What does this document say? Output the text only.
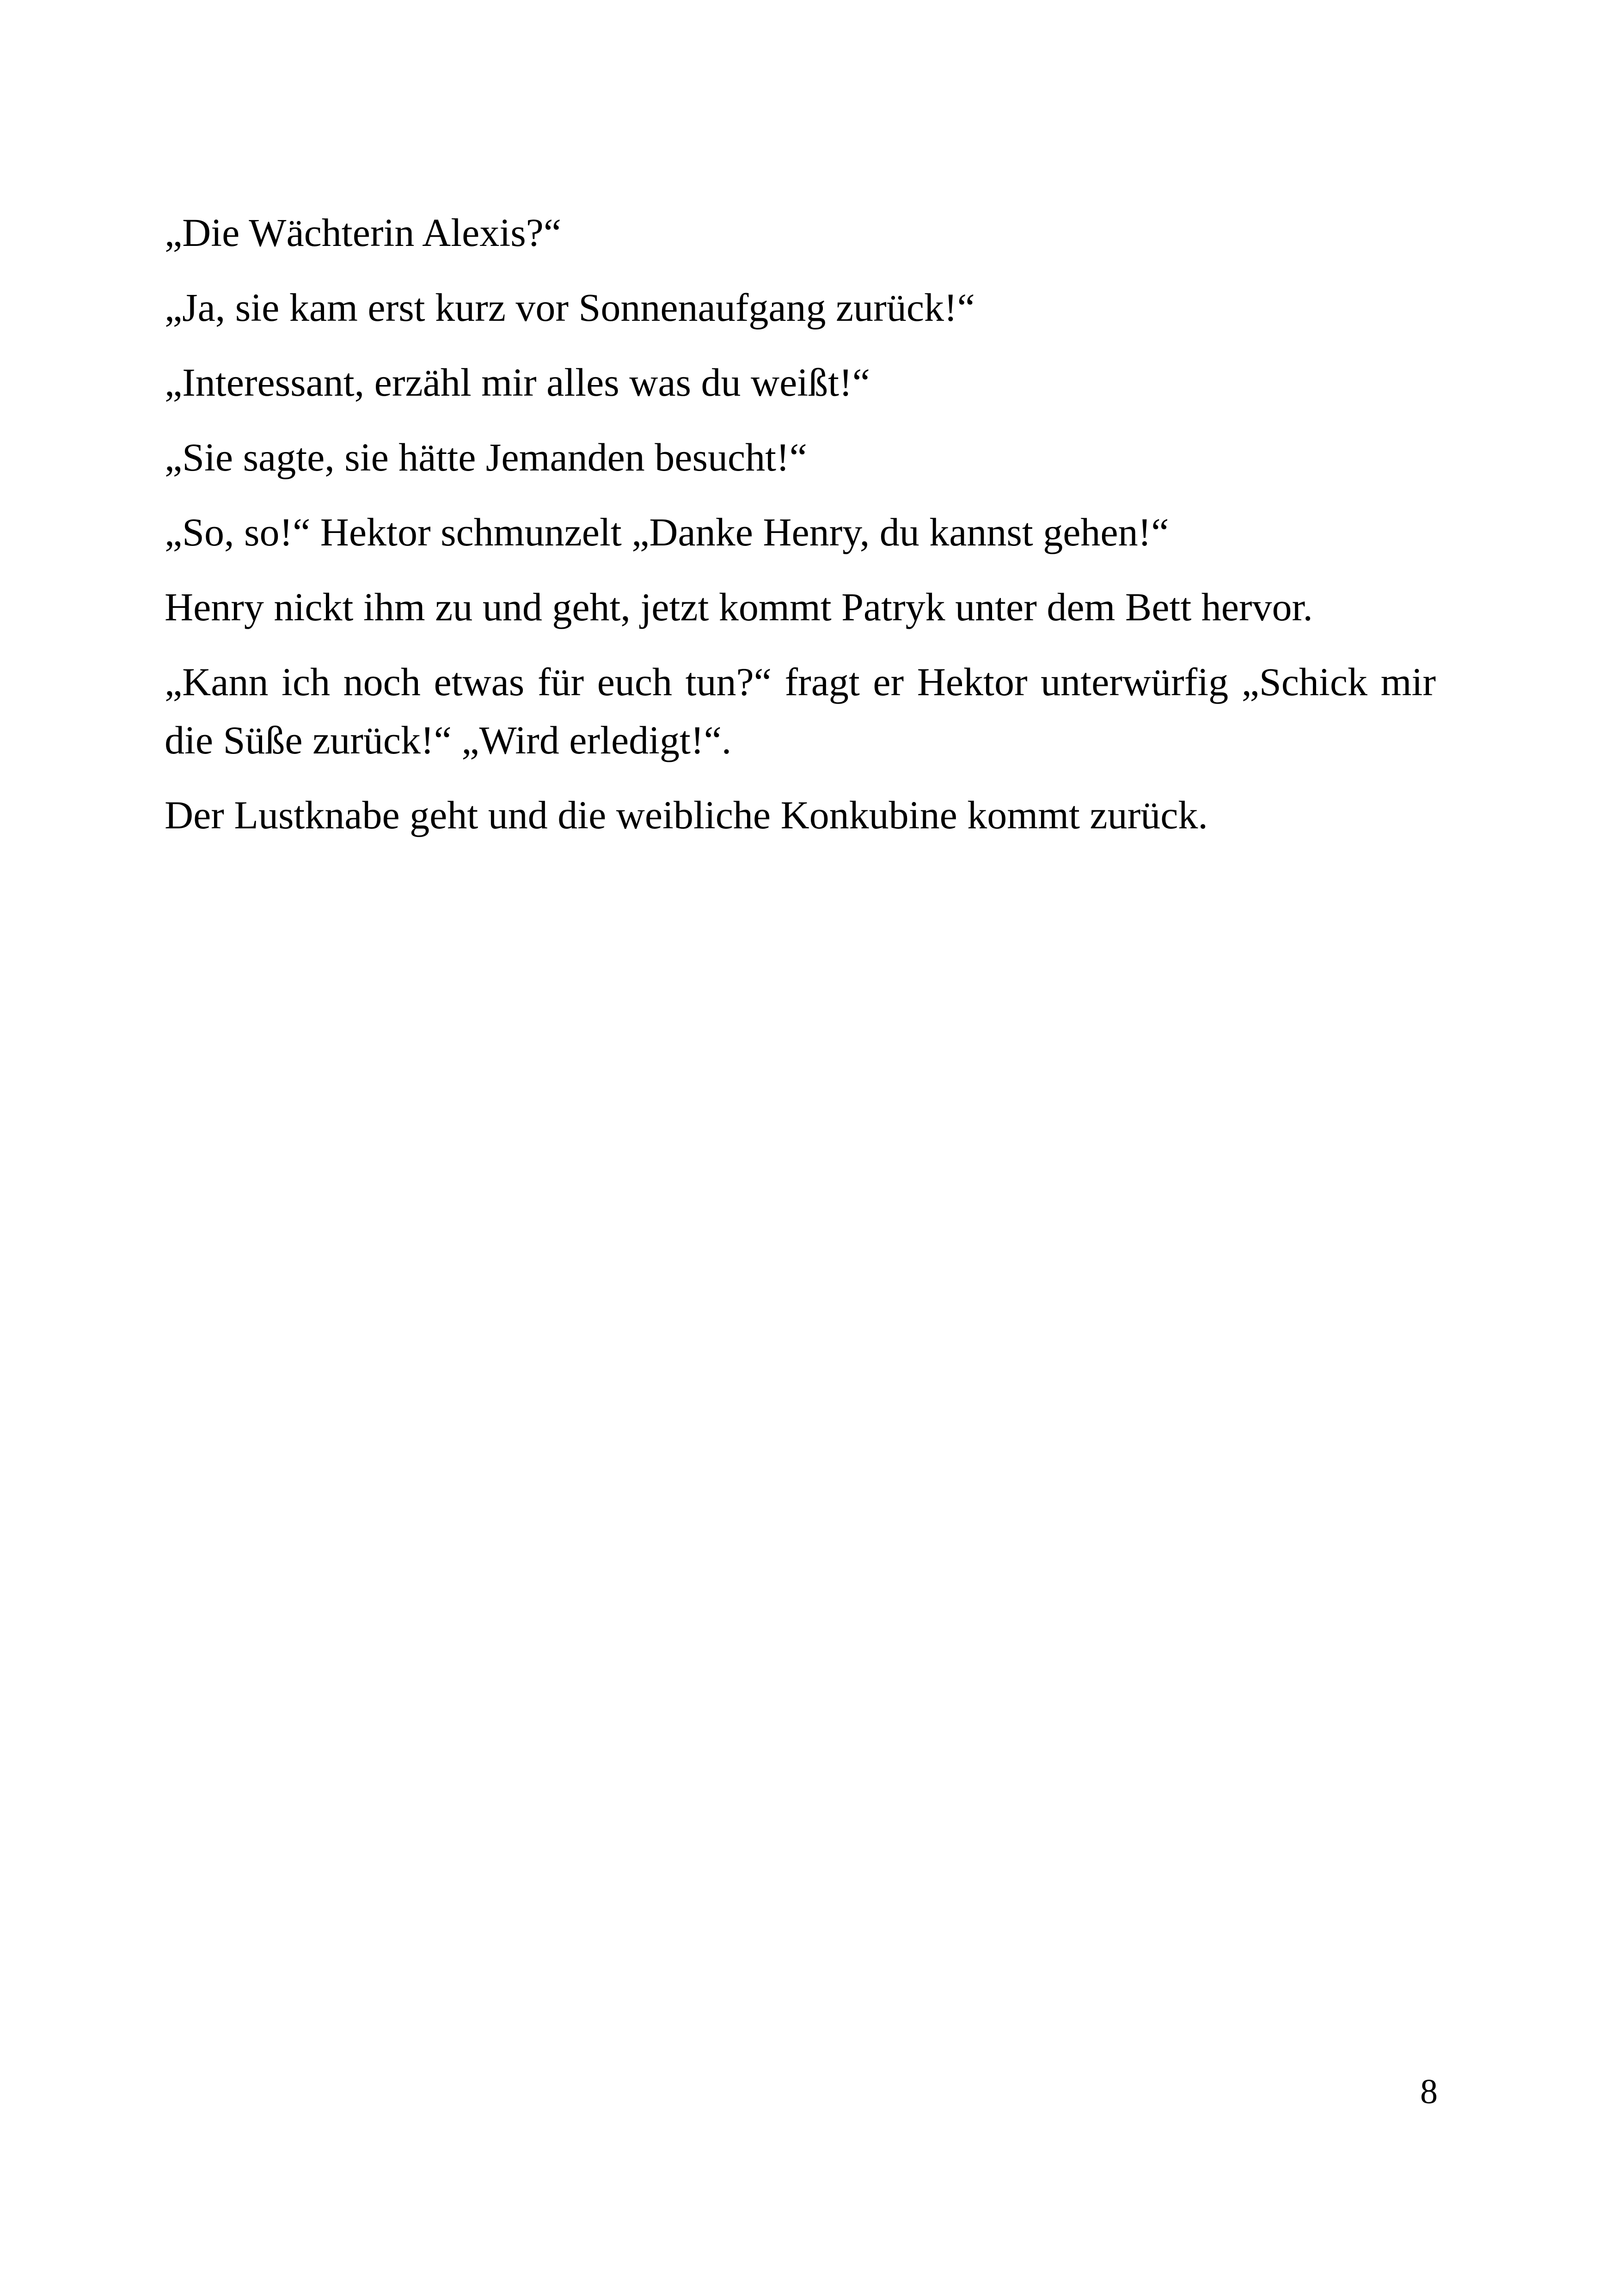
„Die Wächterin Alexis?“

„Ja, sie kam erst kurz vor Sonnenaufgang zurück!“

„Interessant, erzähl mir alles was du weißt!“

„Sie sagte, sie hätte Jemanden besucht!“

„So, so!“ Hektor schmunzelt „Danke Henry, du kannst gehen!“

Henry nickt ihm zu und geht, jetzt kommt Patryk unter dem Bett hervor.

„Kann ich noch etwas für euch tun?“ fragt er Hektor unterwürfig „Schick mir die Süße zurück!“ „Wird erledigt!“.

Der Lustknabe geht und die weibliche Konkubine kommt zurück.

8
